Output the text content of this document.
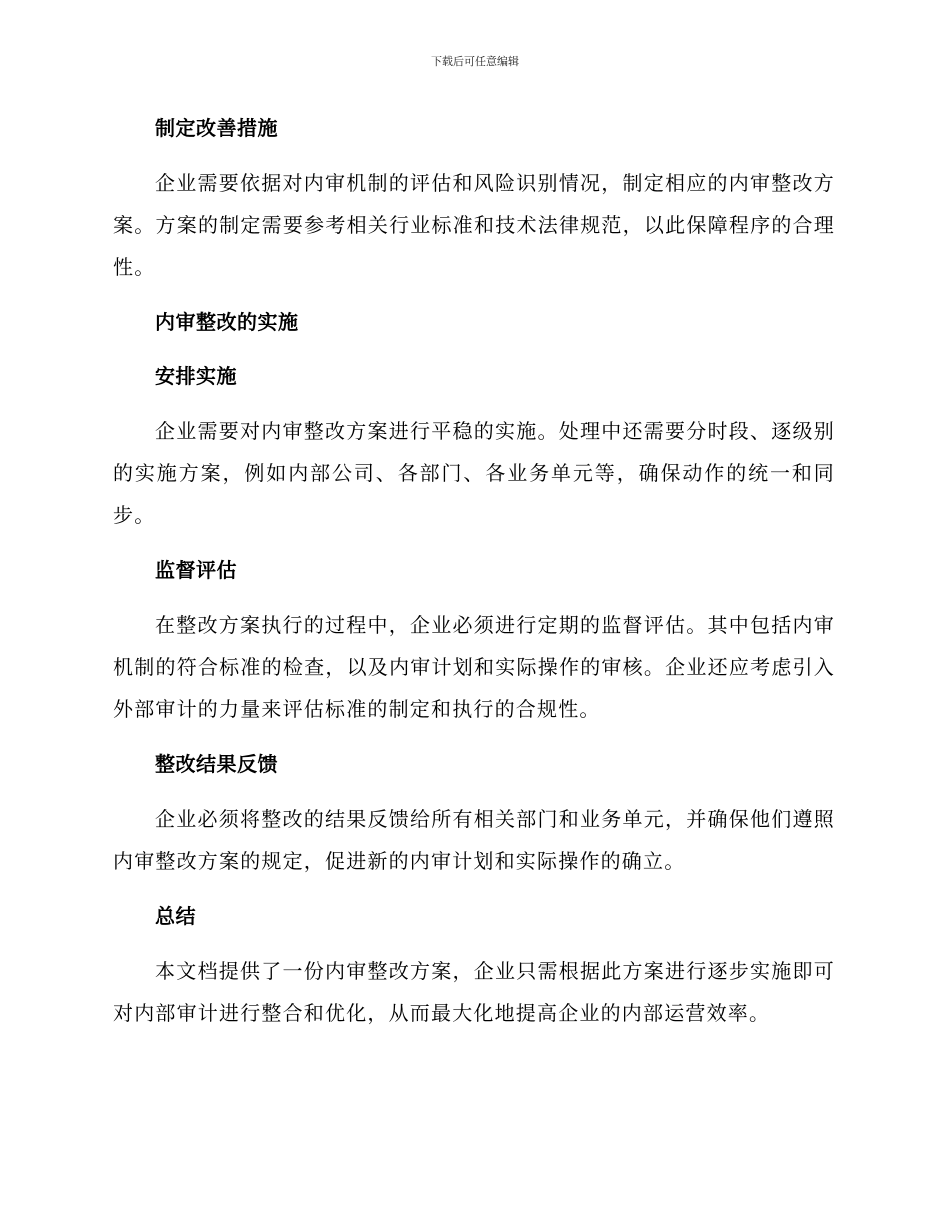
下载后可任意编辑
制定改善措施

企业需要依据对内审机制的评估和风险识别情况，制定相应的内审整改方案。方案的制定需要参考相关行业标准和技术法律规范，以此保障程序的合理性。

内审整改的实施
安排实施

企业需要对内审整改方案进行平稳的实施。处理中还需要分时段、逐级别的实施方案，例如内部公司、各部门、各业务单元等，确保动作的统一和同步。

监督评估

在整改方案执行的过程中，企业必须进行定期的监督评估。其中包括内审机制的符合标准的检查，以及内审计划和实际操作的审核。企业还应考虑引入外部审计的力量来评估标准的制定和执行的合规性。

整改结果反馈

企业必须将整改的结果反馈给所有相关部门和业务单元，并确保他们遵照内审整改方案的规定，促进新的内审计划和实际操作的确立。

总结

本文档提供了一份内审整改方案，企业只需根据此方案进行逐步实施即可对内部审计进行整合和优化，从而最大化地提高企业的内部运营效率。
